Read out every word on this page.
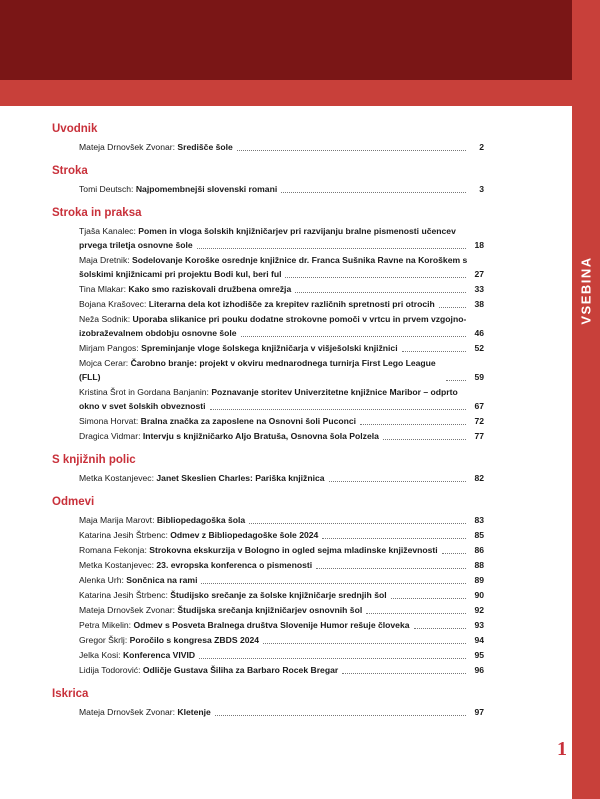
VSEBINA
Uvodnik
Mateja Drnovšek Zvonar: Središče šole	2
Stroka
Tomi Deutsch: Najpomembnejši slovenski romani	3
Stroka in praksa
Tjaša Kanalec: Pomen in vloga šolskih knjižničarjev pri razvijanju bralne pismenosti učencev
prvega triletja osnovne šole	18
Maja Dretnik: Sodelovanje Koroške osrednje knjižnice dr. Franca Sušnika Ravne na Koroškem s
šolskimi knjižnicami pri projektu Bodi kul, beri ful	27
Tina Mlakar: Kako smo raziskovali družbena omrežja	33
Bojana Krašovec: Literarna dela kot izhodišče za krepitev različnih spretnosti pri otrocih	38
Neža Sodnik: Uporaba slikanice pri pouku dodatne strokovne pomoči v vrtcu in prvem vzgojno-
izobraževalnem obdobju osnovne šole	46
Mirjam Pangos: Spreminjanje vloge šolskega knjižničarja v višješolski knjižnici	52
Mojca Cerar: Čarobno branje: projekt v okviru mednarodnega turnirja First Lego League (FLL)	59
Kristina Šrot in Gordana Banjanin: Poznavanje storitev Univerzitetne knjižnice Maribor – odprto
okno v svet šolskih obveznosti	67
Simona Horvat: Bralna značka za zaposlene na Osnovni šoli Puconci	72
Dragica Vidmar: Intervju s knjižničarko Aljo Bratuša, Osnovna šola Polzela	77
S knjižnih polic
Metka Kostanjevec: Janet Skeslien Charles: Pariška knjižnica	82
Odmevi
Maja Marija Marovt: Bibliopedagoška šola	83
Katarina Jesih Štrbenc: Odmev z Bibliopedagoške šole 2024	85
Romana Fekonja: Strokovna ekskurzija v Bologno in ogled sejma mladinske književnosti	86
Metka Kostanjevec: 23. evropska konferenca o pismenosti	88
Alenka Urh: Sončnica na rami	89
Katarina Jesih Štrbenc: Študijsko srečanje za šolske knjižničarje srednjih šol	90
Mateja Drnovšek Zvonar: Študijska srečanja knjižničarjev osnovnih šol	92
Petra Mikelin: Odmev s Posveta Bralnega društva Slovenije Humor rešuje človeka	93
Gregor Škrlj: Poročilo s kongresa ZBDS 2024	94
Jelka Kosi: Konferenca VIVID	95
Lidija Todorović: Odličje Gustava Šiliha za Barbaro Rocek Bregar	96
Iskrica
Mateja Drnovšek Zvonar: Kletenje	97
1
